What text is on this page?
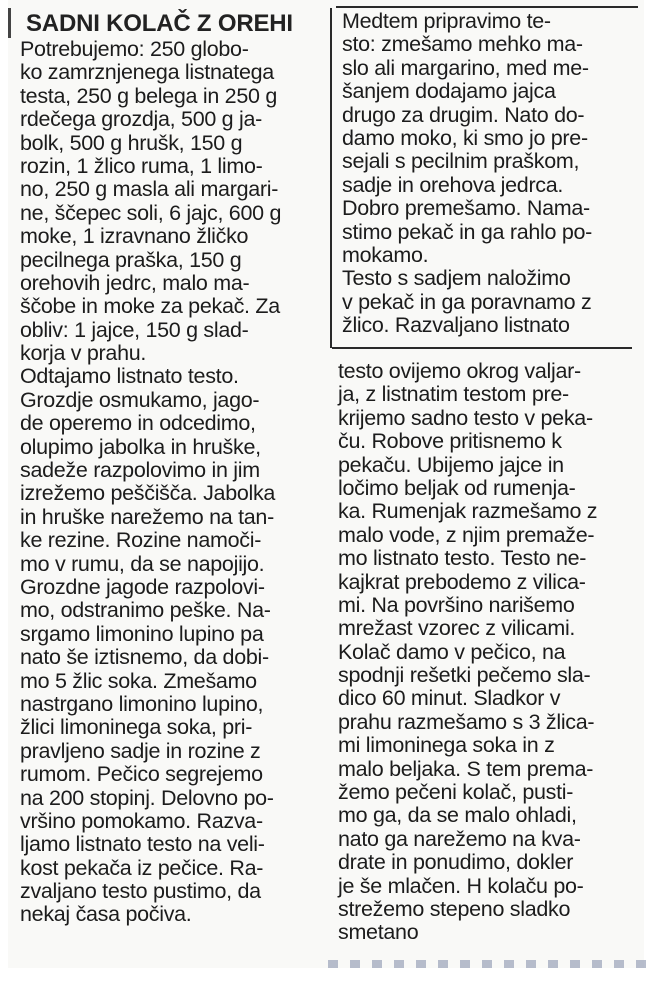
SADNI KOLAČ Z OREHI
Potrebujemo: 250 globo-
ko zamrznjenega listnatega
testa, 250 g belega in 250 g
rdečega grozdja, 500 g ja-
bolk, 500 g hrušk, 150 g
rozin, 1 žlico ruma, 1 limo-
no, 250 g masla ali margari-
ne, ščepec soli, 6 jajc, 600 g
moke, 1 izravnano žličko
pecilnega praška, 150 g
orehovih jedrc, malo ma-
ščobe in moke za pekač. Za
obliv: 1 jajce, 150 g slad-
korja v prahu.
Odtajamo listnato testo.
Grozdje osmukamo, jago-
de operemo in odcedimo,
olupimo jabolka in hruške,
sadeže razpolovimo in jim
izrežemo peščišča. Jabolka
in hruške narežemo na tan-
ke rezine. Rozine namoči-
mo v rumu, da se napojijo.
Grozdne jagode razpolovi-
mo, odstranimo peške. Na-
srgamo limonino lupino pa
nato še iztisnemo, da dobi-
mo 5 žlic soka. Zmešamo
nastrgano limonino lupino,
žlici limoninega soka, pri-
pravljeno sadje in rozine z
rumom. Pečico segrejemo
na 200 stopinj. Delovno po-
vršino pomokamo. Razva-
ljamo listnato testo na veli-
kost pekača iz pečice. Ra-
zvaljano testo pustimo, da
nekaj časa počiva.
Medtem pripravimo te-
sto: zmešamo mehko ma-
slo ali margarino, med me-
šanjem dodajamo jajca
drugo za drugim. Nato do-
damo moko, ki smo jo pre-
sejali s pecilnim praškom,
sadje in orehova jedrca.
Dobro premešamo. Nama-
stimo pekač in ga rahlo po-
mokamo.
Testo s sadjem naložimo
v pekač in ga poravnamo z
žlico. Razvaljano listnato
testo ovijemo okrog valjar-
ja, z listnatim testom pre-
krijemo sadno testo v peka-
ču. Robove pritisnemo k
pekaču. Ubijemo jajce in
ločimo beljak od rumenja-
ka. Rumenjak razmešamo z
malo vode, z njim premaže-
mo listnato testo. Testo ne-
kajkrat prebodemo z vilica-
mi. Na površino narišemo
mrežast vzorec z vilicami.
Kolač damo v pečico, na
spodnji rešetki pečemo sla-
dico 60 minut. Sladkor v
prahu razmešamo s 3 žlica-
mi limoninega soka in z
malo beljaka. S tem prema-
žemo pečeni kolač, pusti-
mo ga, da se malo ohladi,
nato ga narežemo na kva-
drate in ponudimo, dokler
je še mlačen. H kolaču po-
strežemo stepeno sladko
smetano
